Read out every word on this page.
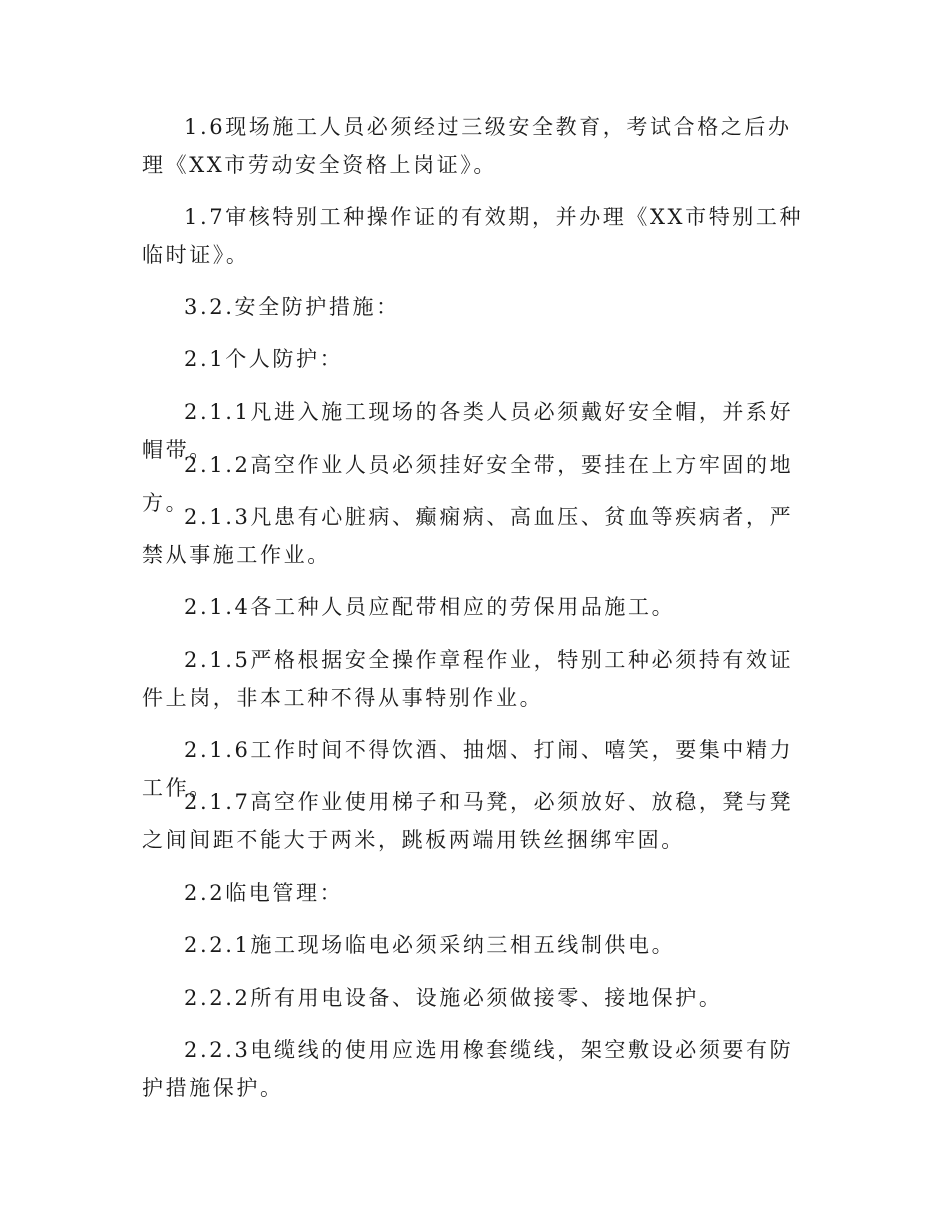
1.6现场施工人员必须经过三级安全教育，考试合格之后办理《XX市劳动安全资格上岗证》。

1.7审核特别工种操作证的有效期，并办理《XX市特别工种临时证》。

3.2.安全防护措施：

2.1个人防护：

2.1.1凡进入施工现场的各类人员必须戴好安全帽，并系好帽带。

2.1.2高空作业人员必须挂好安全带，要挂在上方牢固的地方。

2.1.3凡患有心脏病、癫痫病、高血压、贫血等疾病者，严禁从事施工作业。

2.1.4各工种人员应配带相应的劳保用品施工。

2.1.5严格根据安全操作章程作业，特别工种必须持有效证件上岗，非本工种不得从事特别作业。

2.1.6工作时间不得饮酒、抽烟、打闹、嘻笑，要集中精力工作。

2.1.7高空作业使用梯子和马凳，必须放好、放稳，凳与凳之间间距不能大于两米，跳板两端用铁丝捆绑牢固。

2.2临电管理：

2.2.1施工现场临电必须采纳三相五线制供电。

2.2.2所有用电设备、设施必须做接零、接地保护。

2.2.3电缆线的使用应选用橡套缆线，架空敷设必须要有防护措施保护。
